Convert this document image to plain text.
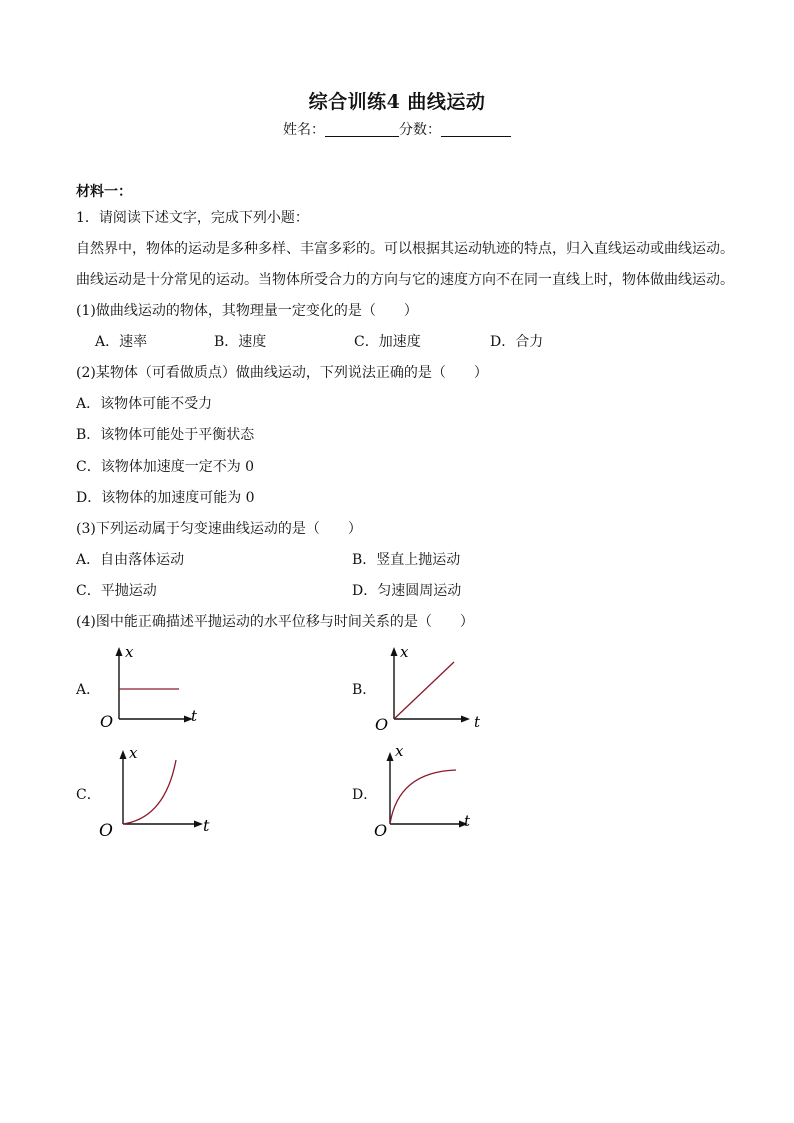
综合训练4 曲线运动
姓名：	分数：
材料一：
1．请阅读下述文字，完成下列小题：
自然界中，物体的运动是多种多样、丰富多彩的。可以根据其运动轨迹的特点，归入直线运动或曲线运动。
曲线运动是十分常见的运动。当物体所受合力的方向与它的速度方向不在同一直线上时，物体做曲线运动。
(1)做曲线运动的物体，其物理量一定变化的是（　　）
A．速率	B．速度	C．加速度	D．合力
(2)某物体（可看做质点）做曲线运动，下列说法正确的是（　　）
A．该物体可能不受力
B．该物体可能处于平衡状态
C．该物体加速度一定不为 0
D．该物体的加速度可能为 0
(3)下列运动属于匀变速曲线运动的是（　　）
A．自由落体运动	B．竖直上抛运动
C．平抛运动	D．匀速圆周运动
(4)图中能正确描述平抛运动的水平位移与时间关系的是（　　）
A．
x
t
O
B．
x
t
O
C．
x
t
O
D．
x
t
O
